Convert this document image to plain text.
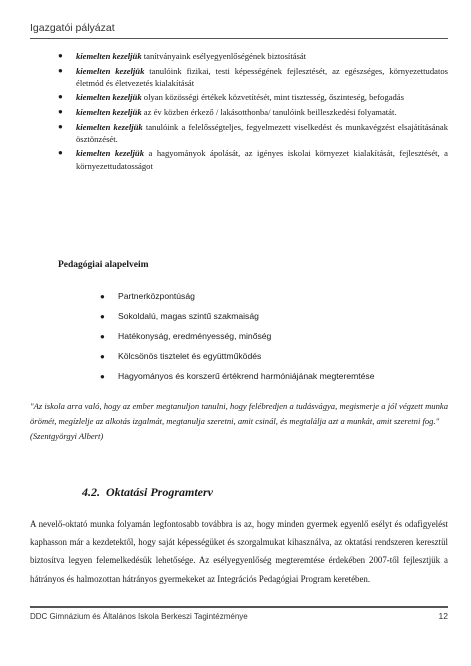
Igazgatói pályázat
● kiemelten kezeljük tanítványaink esélyegyenlőségének biztosítását
● kiemelten kezeljük tanulóink fizikai, testi képességének fejlesztését, az egészséges, környezettudatos életmód és életvezetés kialakítását
● kiemelten kezeljük olyan közösségi értékek közvetítését, mint tisztesség, őszinteség, befogadás
● kiemelten kezeljük az év közben érkező / lakásotthonba/ tanulóink beilleszkedési folyamatát.
● kiemelten kezeljük tanulóink a felelősségteljes, fegyelmezett viselkedést és munkavégzést elsajátításának ösztönzését.
● kiemelten kezeljük a hagyományok ápolását, az igényes iskolai környezet kialakítását, fejlesztését, a környezettudatosságot
Pedagógiai alapelveim
● Partnerközpontúság
● Sokoldalú, magas szintű szakmaiság
● Hatékonyság, eredményesség, minőség
● Kölcsönös tisztelet és együttműködés
● Hagyományos és korszerű értékrend harmóniájának megteremtése

"Az iskola arra való, hogy az ember megtanuljon tanulni, hogy felébredjen a tudásvágya, megismerje a jól végzett munka örömét, megízlelje az alkotás izgalmát, megtanulja szeretni, amit csinál, és megtalálja azt a munkát, amit szeretni fog."
(Szentgyörgyi Albert)

4.2. Oktatási Programterv

A nevelő-oktató munka folyamán legfontosabb továbbra is az, hogy minden gyermek egyenlő esélyt és odafigyelést kaphasson már a kezdetektől, hogy saját képességüket és szorgalmukat kihasználva, az oktatási rendszeren keresztül biztosítva legyen felemelkedésük lehetősége. Az esélyegyenlőség megteremtése érdekében 2007-től fejlesztjük a hátrányos és halmozottan hátrányos gyermekeket az Integrációs Pedagógiai Program keretében.

DDC Gimnázium és Általános Iskola Berkeszi Tagintézménye	12
